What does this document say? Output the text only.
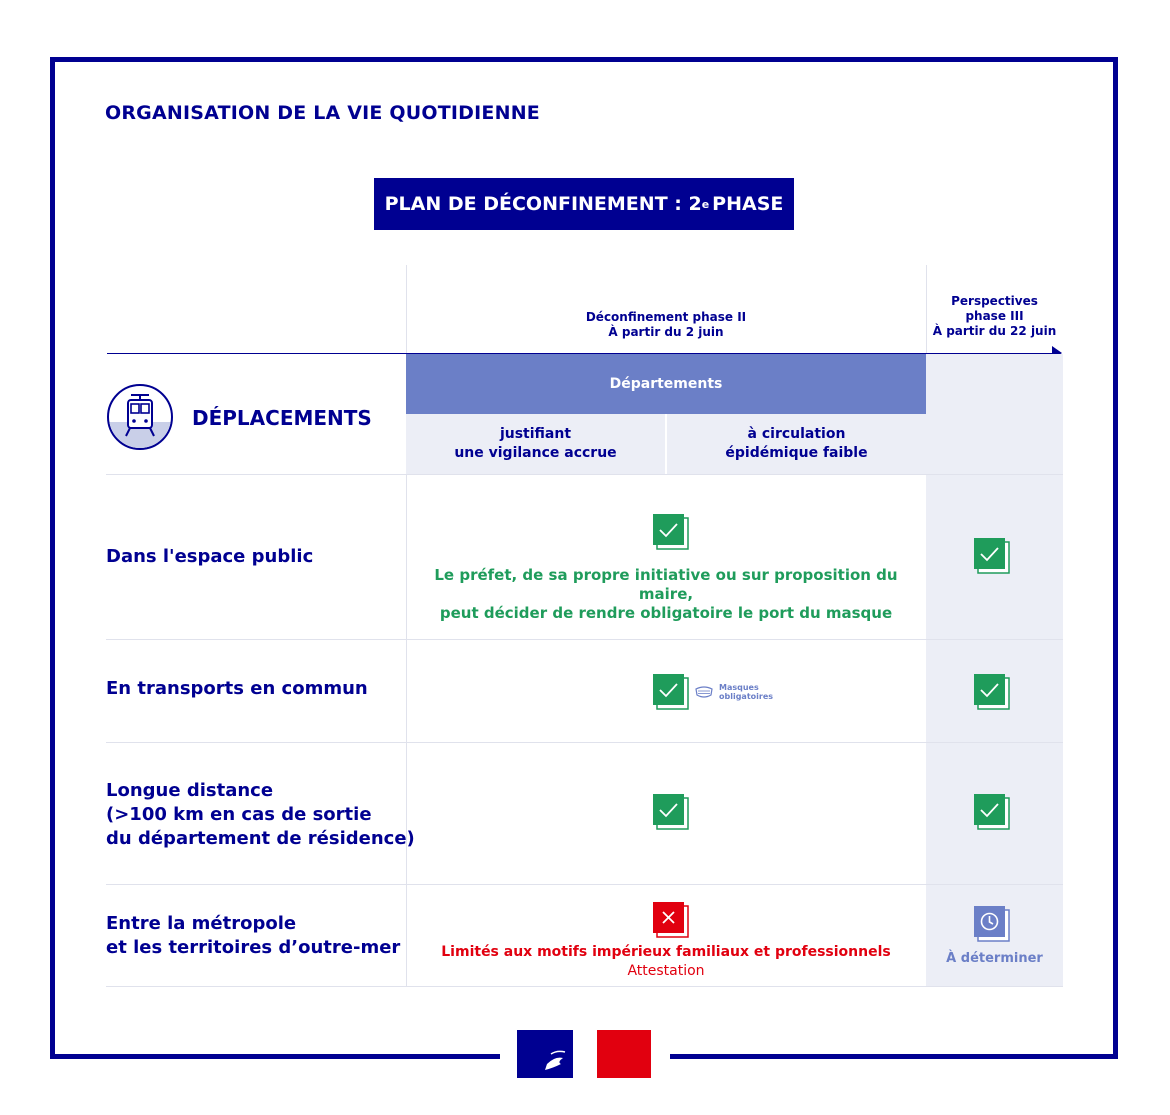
ORGANISATION DE LA VIE QUOTIDIENNE
PLAN DE DÉCONFINEMENT : 2 e PHASE
Déconfinement phase II
À partir du 2 juin
Perspectives
phase III
À partir du 22 juin
Départements
justifiant
une vigilance accrue
à circulation
épidémique faible
DÉPLACEMENTS
Dans l'espace public
Le préfet, de sa propre initiative ou sur proposition du maire,
peut décider de rendre obligatoire le port du masque
En transports en commun	Masques
obligatoires
Longue distance
(>100 km en cas de sortie
du département de résidence)
Entre la métropole
et les territoires d’outre-mer	Limités aux motifs impérieux familiaux et professionnels
Attestation
À déterminer
